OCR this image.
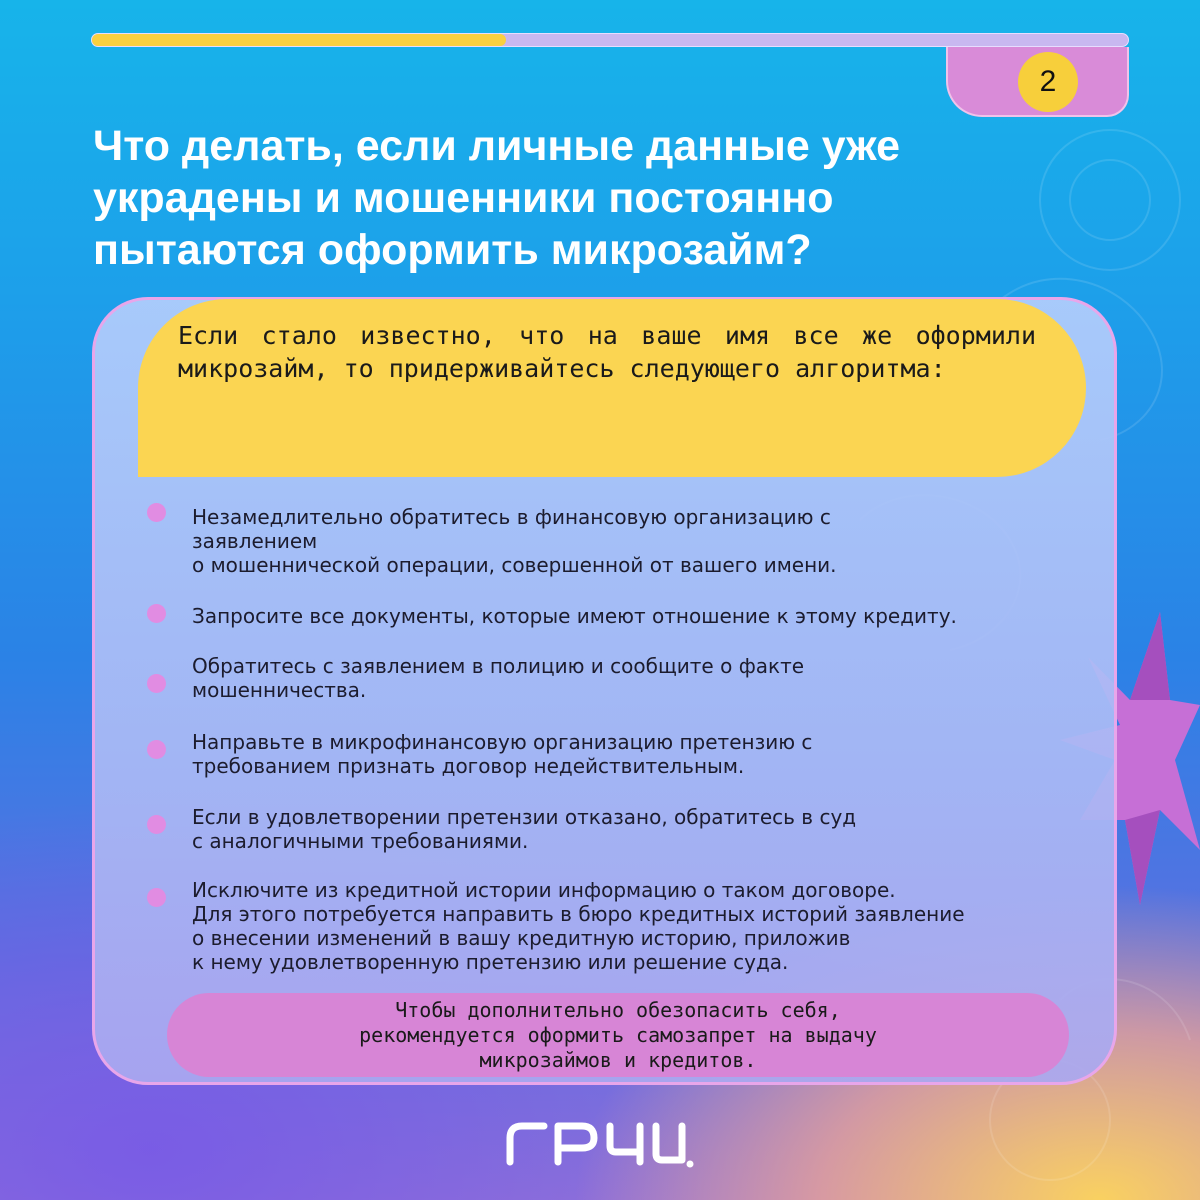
2
Что делать, если личные данные уже
украдены и мошенники постоянно
пытаются оформить микрозайм?

Если стало известно, что на ваше имя все же оформили микрозайм, то придерживайтесь следующего алгоритма:

Незамедлительно обратитесь в финансовую организацию с
заявлением
о мошеннической операции, совершенной от вашего имени.
Запросите все документы, которые имеют отношение к этому кредиту.
Обратитесь с заявлением в полицию и сообщите о факте
мошенничества.
Направьте в микрофинансовую организацию претензию с
требованием признать договор недействительным.
Если в удовлетворении претензии отказано, обратитесь в суд
с аналогичными требованиями.
Исключите из кредитной истории информацию о таком договоре.
Для этого потребуется направить в бюро кредитных историй заявление
о внесении изменений в вашу кредитную историю, приложив
к нему удовлетворенную претензию или решение суда.

Чтобы дополнительно обезопасить себя,
рекомендуется оформить самозапрет на выдачу
микрозаймов и кредитов.
